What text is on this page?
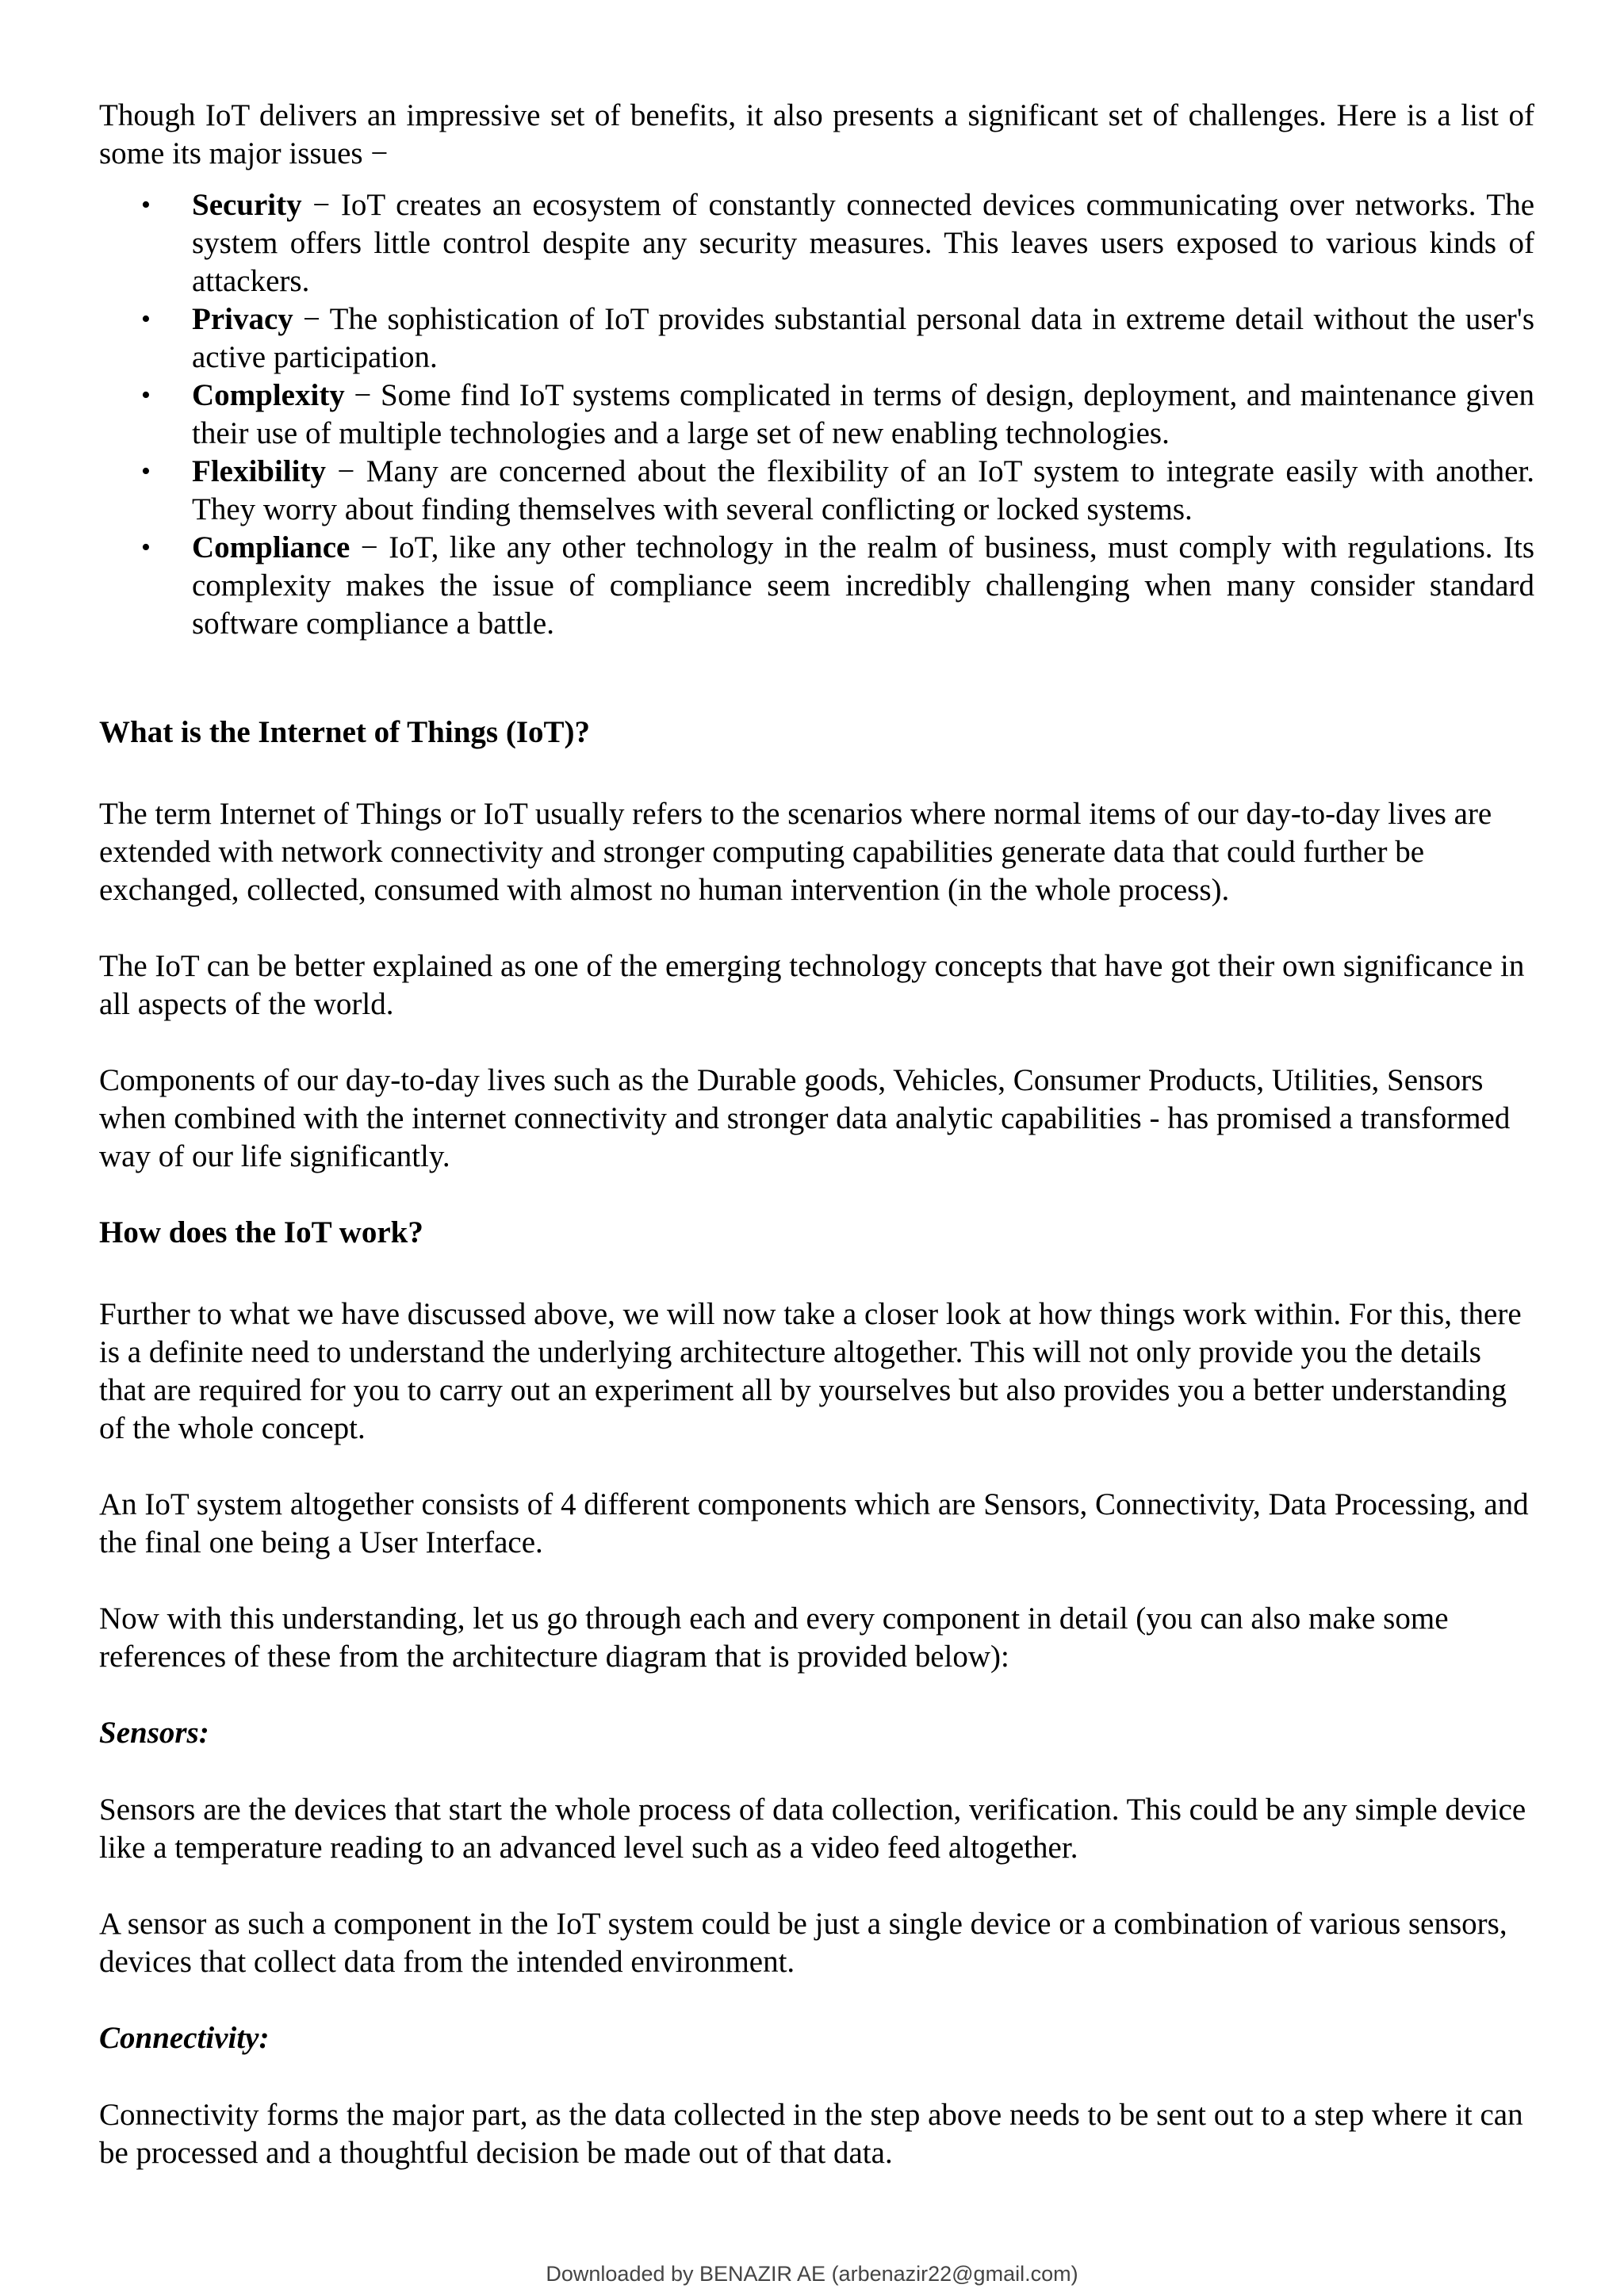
Though IoT delivers an impressive set of benefits, it also presents a significant set of challenges. Here is a list of some its major issues −

• Security − IoT creates an ecosystem of constantly connected devices communicating over networks. The system offers little control despite any security measures. This leaves users exposed to various kinds of attackers.
• Privacy − The sophistication of IoT provides substantial personal data in extreme detail without the user's active participation.
• Complexity − Some find IoT systems complicated in terms of design, deployment, and maintenance given their use of multiple technologies and a large set of new enabling technologies.
• Flexibility − Many are concerned about the flexibility of an IoT system to integrate easily with another. They worry about finding themselves with several conflicting or locked systems.
• Compliance − IoT, like any other technology in the realm of business, must comply with regulations. Its complexity makes the issue of compliance seem incredibly challenging when many consider standard software compliance a battle.
What is the Internet of Things (IoT)?

The term Internet of Things or IoT usually refers to the scenarios where normal items of our day-to-day lives are extended with network connectivity and stronger computing capabilities generate data that could further be exchanged, collected, consumed with almost no human intervention (in the whole process).

The IoT can be better explained as one of the emerging technology concepts that have got their own significance in all aspects of the world.

Components of our day-to-day lives such as the Durable goods, Vehicles, Consumer Products, Utilities, Sensors when combined with the internet connectivity and stronger data analytic capabilities - has promised a transformed way of our life significantly.

How does the IoT work?

Further to what we have discussed above, we will now take a closer look at how things work within. For this, there is a definite need to understand the underlying architecture altogether. This will not only provide you the details that are required for you to carry out an experiment all by yourselves but also provides you a better understanding of the whole concept.

An IoT system altogether consists of 4 different components which are Sensors, Connectivity, Data Processing, and the final one being a User Interface.

Now with this understanding, let us go through each and every component in detail (you can also make some references of these from the architecture diagram that is provided below):

Sensors:

Sensors are the devices that start the whole process of data collection, verification. This could be any simple device like a temperature reading to an advanced level such as a video feed altogether.

A sensor as such a component in the IoT system could be just a single device or a combination of various sensors, devices that collect data from the intended environment.

Connectivity:

Connectivity forms the major part, as the data collected in the step above needs to be sent out to a step where it can be processed and a thoughtful decision be made out of that data.

Downloaded by BENAZIR AE (arbenazir22@gmail.com)
